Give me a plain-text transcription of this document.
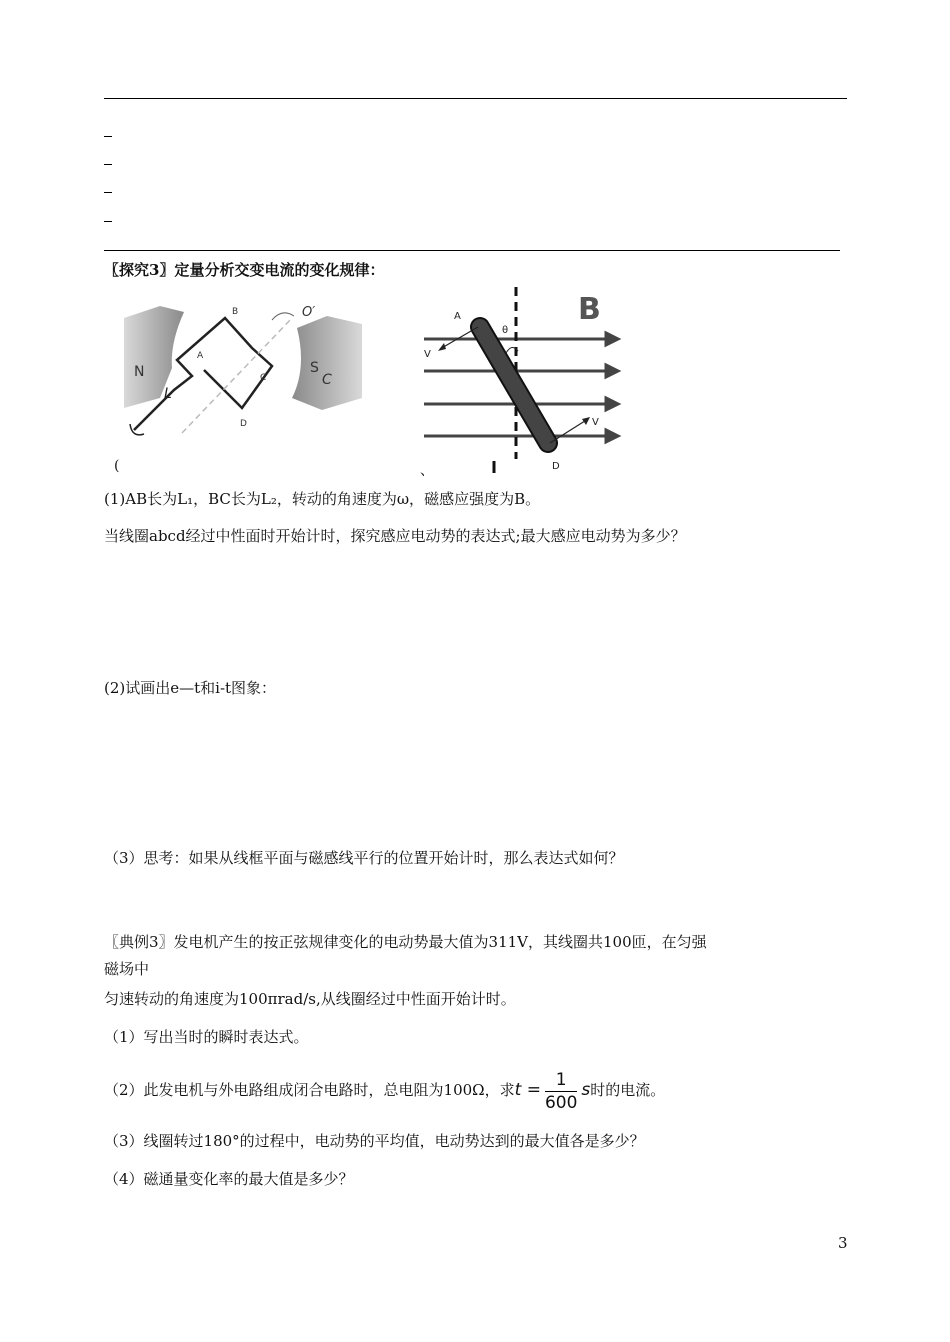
〖探究3〗定量分析交变电流的变化规律：
N	S
C
O′
L
A
B
C
D
(
B
A
D
V
V
θ
、
(1)AB长为L₁，BC长为L₂，转动的角速度为ω，磁感应强度为B。
当线圈abcd经过中性面时开始计时，探究感应电动势的表达式;最大感应电动势为多少？
(2)试画出e—t和i-t图象：
（3）思考：如果从线框平面与磁感线平行的位置开始计时，那么表达式如何？
〖典例3〗发电机产生的按正弦规律变化的电动势最大值为311V，其线圈共100匝，在匀强
磁场中
匀速转动的角速度为100πrad/s,从线圈经过中性面开始计时。
（1）写出当时的瞬时表达式。
（2）此发电机与外电路组成闭合电路时，总电阻为100Ω，求$t = \frac{1}{600}$ s时的电流。
（3）线圈转过180°的过程中，电动势的平均值，电动势达到的最大值各是多少？
（4）磁通量变化率的最大值是多少？
3
